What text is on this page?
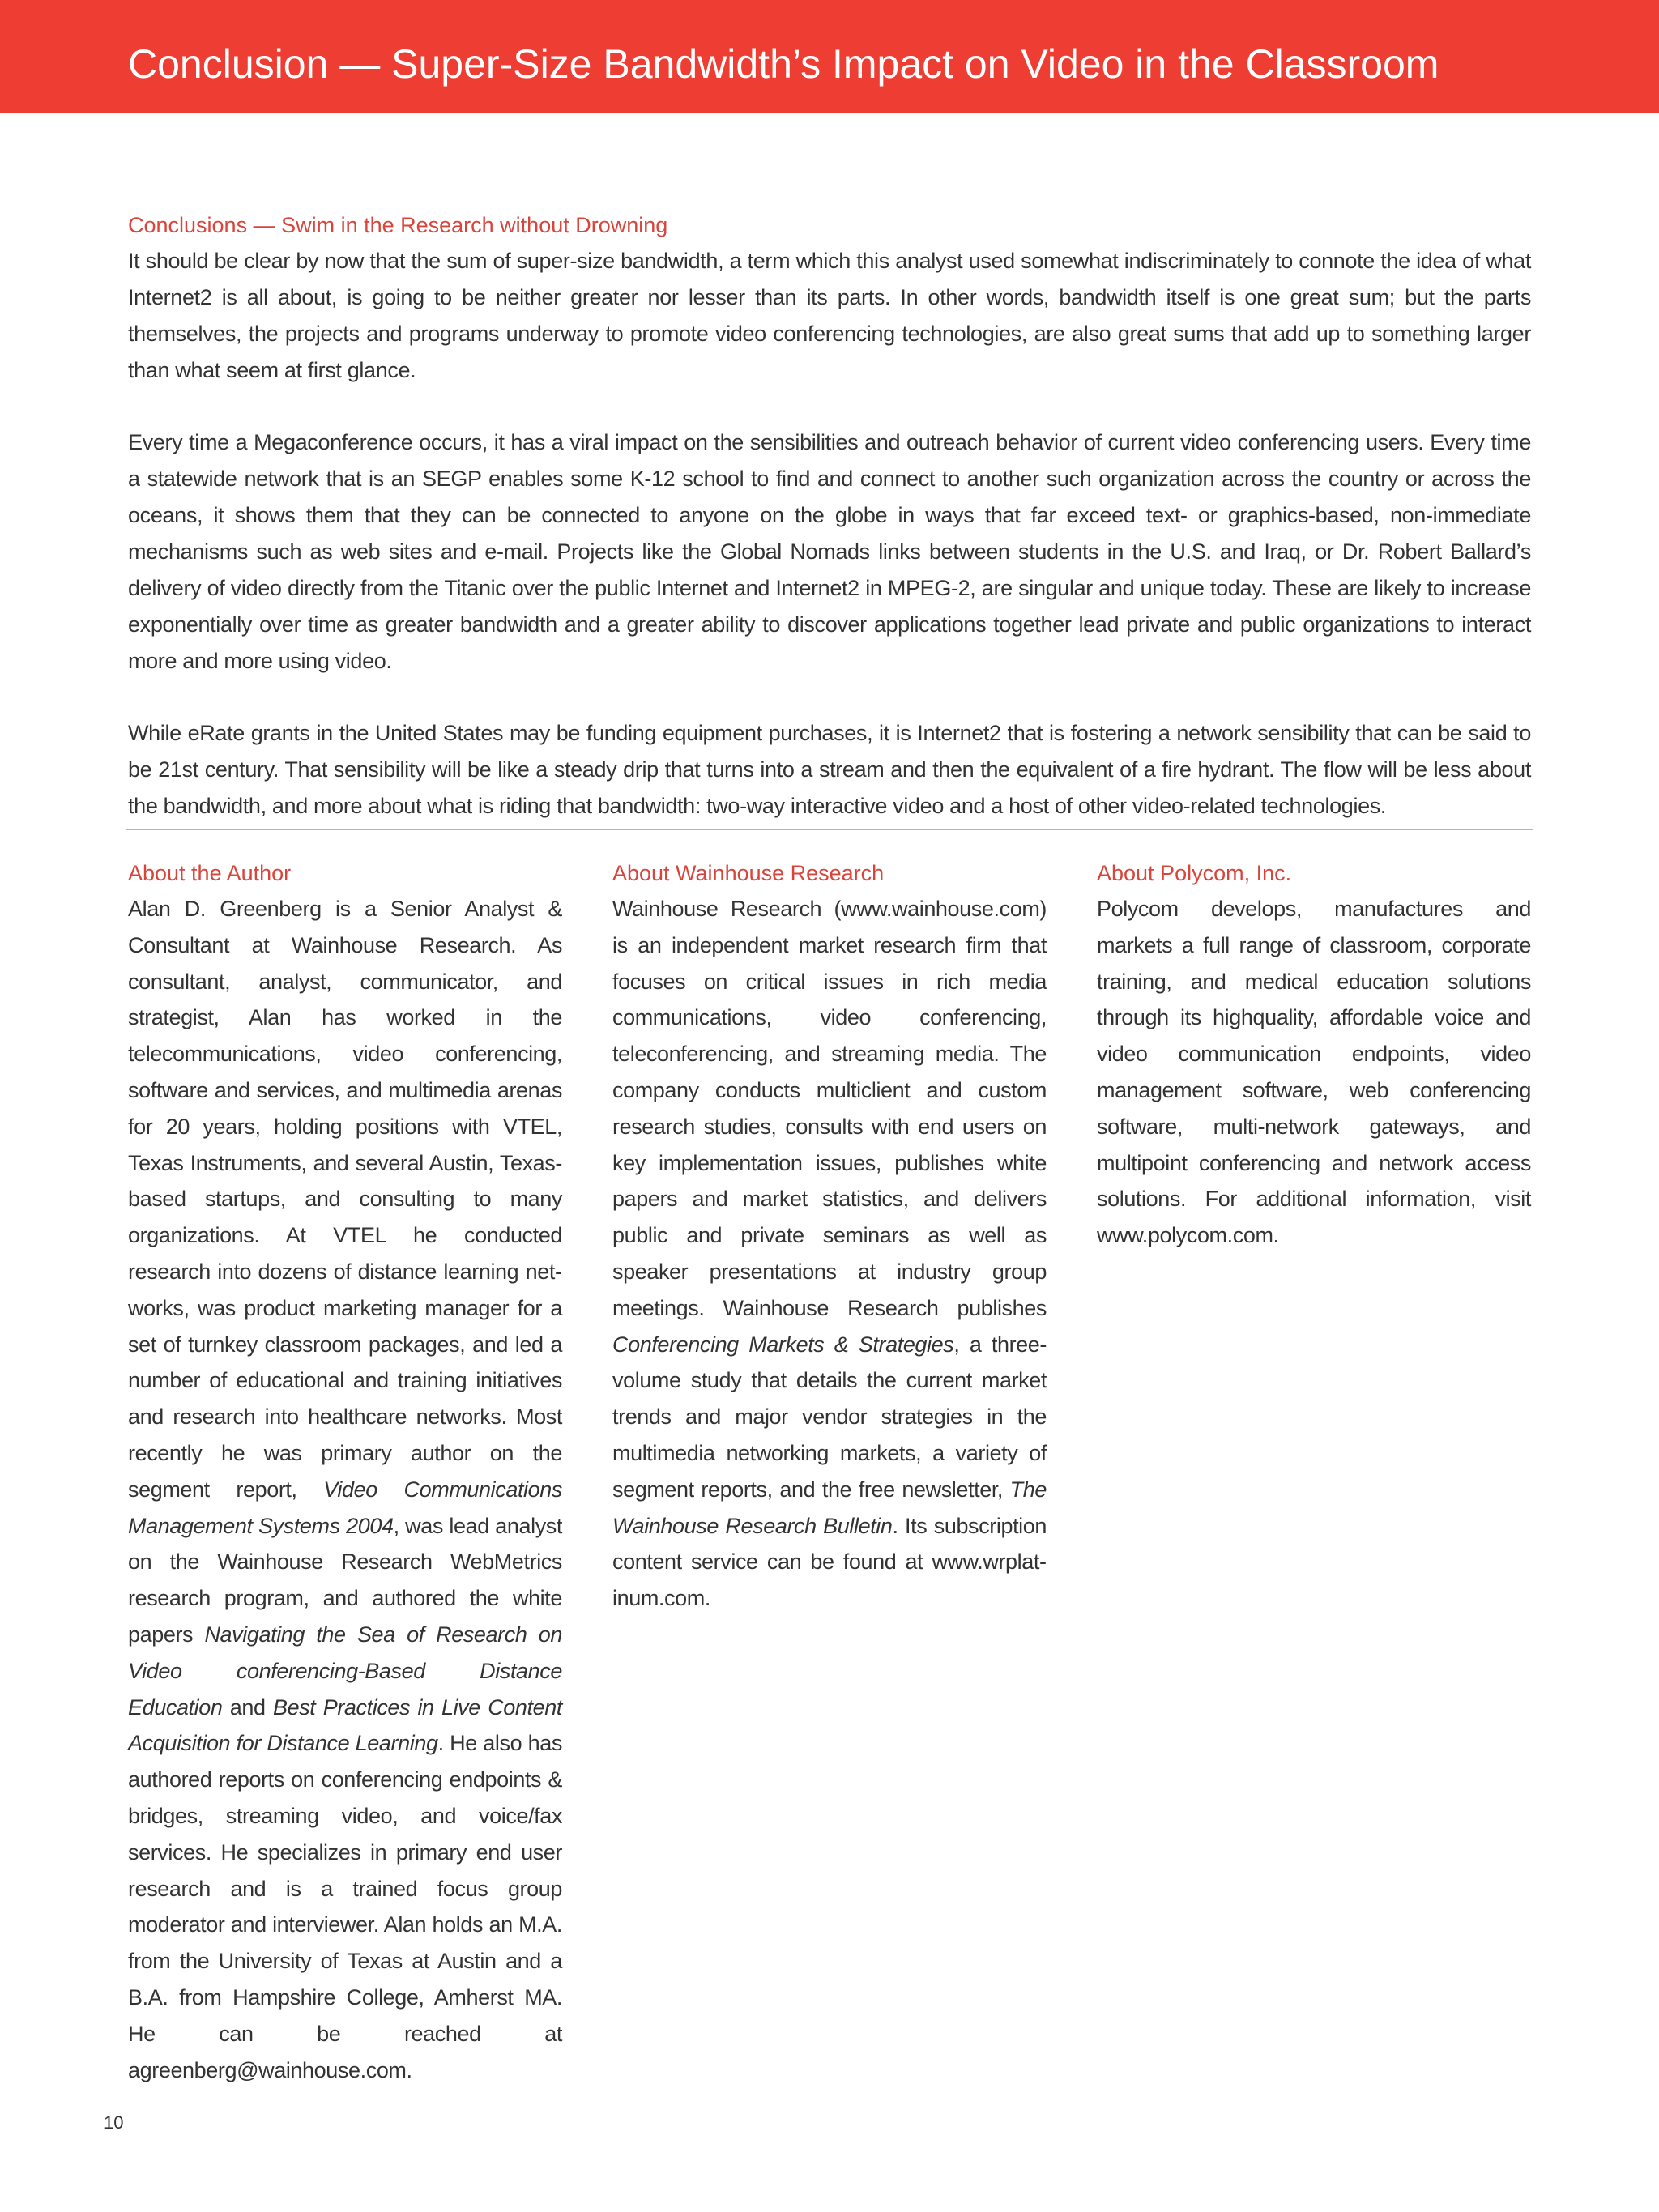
Conclusion — Super-Size Bandwidth’s Impact on Video in the Classroom
Conclusions — Swim in the Research without Drowning

It should be clear by now that the sum of super-size bandwidth, a term which this analyst used somewhat indiscriminately to connote the idea of what Internet2 is all about, is going to be neither greater nor lesser than its parts. In other words, bandwidth itself is one great sum; but the parts themselves, the projects and programs underway to promote video conferencing technologies, are also great sums that add up to something larger than what seem at first glance.

Every time a Megaconference occurs, it has a viral impact on the sensibilities and outreach behavior of current video conferencing users. Every time a statewide network that is an SEGP enables some K-12 school to find and connect to another such organization across the country or across the oceans, it shows them that they can be connected to anyone on the globe in ways that far exceed text- or graphics-based, non-immediate mechanisms such as web sites and e-mail. Projects like the Global Nomads links between students in the U.S. and Iraq, or Dr. Robert Ballard’s delivery of video directly from the Titanic over the public Internet and Internet2 in MPEG-2, are singular and unique today. These are likely to increase exponentially over time as greater bandwidth and a greater ability to discover applications together lead private and public organizations to interact more and more using video.

While eRate grants in the United States may be funding equipment purchases, it is Internet2 that is fostering a network sensibility that can be said to be 21st century. That sensibility will be like a steady drip that turns into a stream and then the equivalent of a fire hydrant. The flow will be less about the bandwidth, and more about what is riding that bandwidth: two-way interactive video and a host of other video-related technologies.

About the Author

Alan D. Greenberg is a Senior Analyst & Consultant at Wainhouse Research. As consultant, analyst, communicator, and strategist, Alan has worked in the telecommunications, video conferencing, software and services, and multimedia arenas for 20 years, holding positions with VTEL, Texas Instruments, and several Austin, Texas-based startups, and consulting to many organizations. At VTEL he conducted research into dozens of distance learning networks, was product marketing manager for a set of turnkey classroom packages, and led a number of educational and training initiatives and research into healthcare networks. Most recently he was primary author on the segment report, Video Communications Management Systems 2004, was lead analyst on the Wainhouse Research WebMetrics research program, and authored the white papers Navigating the Sea of Research on Video conferencing-Based Distance Education and Best Practices in Live Content Acquisition for Distance Learning. He also has authored reports on conferencing endpoints & bridges, streaming video, and voice/fax services. He specializes in primary end user research and is a trained focus group moderator and interviewer. Alan holds an M.A. from the University of Texas at Austin and a B.A. from Hampshire College, Amherst MA. He can be reached at agreenberg@wainhouse.com.

About Wainhouse Research

Wainhouse Research (www.wainhouse.com) is an independent market research firm that focuses on critical issues in rich media communications, video conferencing, teleconferencing, and streaming media. The company conducts multiclient and custom research studies, consults with end users on key implementation issues, publishes white papers and market statistics, and delivers public and private seminars as well as speaker presentations at industry group meetings. Wainhouse Research publishes Conferencing Markets & Strategies, a three-volume study that details the current market trends and major vendor strategies in the multimedia networking markets, a variety of segment reports, and the free newsletter, The Wainhouse Research Bulletin. Its subscription content service can be found at www.wrplatinum.com.

About Polycom, Inc.

Polycom develops, manufactures and markets a full range of classroom, corporate training, and medical education solutions through its highquality, affordable voice and video communication endpoints, video management software, web conferencing software, multi-network gateways, and multipoint conferencing and network access solutions. For additional information, visit www.polycom.com.

10
